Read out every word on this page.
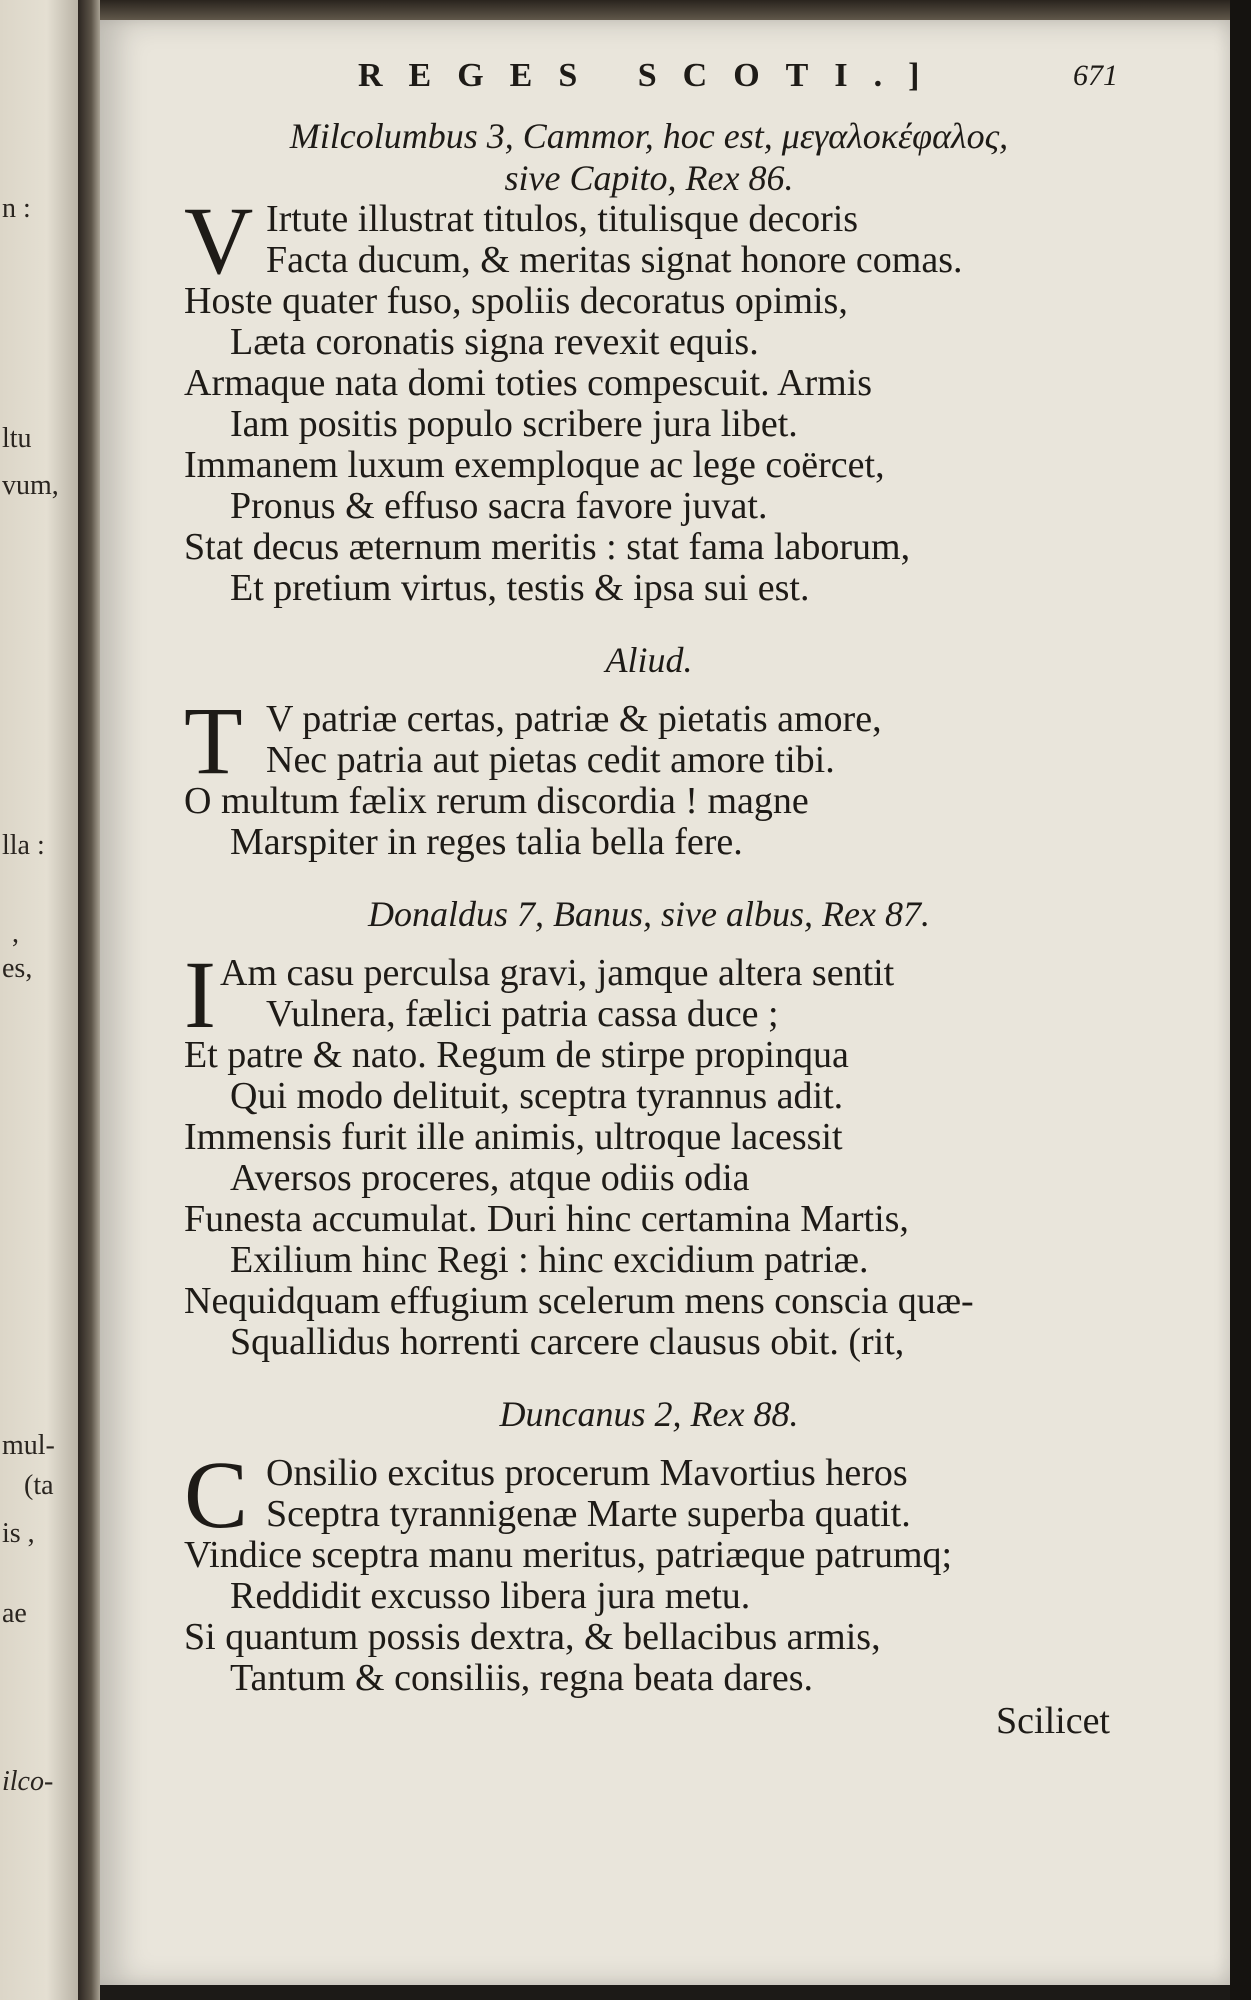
n :
ltu
vum,
lla :
,
es,
mul-
(ta
is ,
ae
ilco-
REGES SCOTI.]	671
Milcolumbus 3, Cammor, hoc est, μεγαλοκέφαλος,
sive Capito, Rex 86.
V Irtute illustrat titulos, titulisque decoris
Facta ducum, & meritas signat honore comas.
Hoste quater fuso, spoliis decoratus opimis,
Læta coronatis signa revexit equis.
Armaque nata domi toties compescuit. Armis
Iam positis populo scribere jura libet.
Immanem luxum exemploque ac lege coërcet,
Pronus & effuso sacra favore juvat.
Stat decus æternum meritis : stat fama laborum,
Et pretium virtus, testis & ipsa sui est.
Aliud.
T V patriæ certas, patriæ & pietatis amore,
Nec patria aut pietas cedit amore tibi.
O multum fælix rerum discordia ! magne
Marspiter in reges talia bella fere.
Donaldus 7, Banus, sive albus, Rex 87.
I Am casu perculsa gravi, jamque altera sentit
Vulnera, fælici patria cassa duce ;
Et patre & nato. Regum de stirpe propinqua
Qui modo delituit, sceptra tyrannus adit.
Immensis furit ille animis, ultroque lacessit
Aversos proceres, atque odiis odia
Funesta accumulat. Duri hinc certamina Martis,
Exilium hinc Regi : hinc excidium patriæ.
Nequidquam effugium scelerum mens conscia quæ-
Squallidus horrenti carcere clausus obit. (rit,
Duncanus 2, Rex 88.
C Onsilio excitus procerum Mavortius heros
Sceptra tyrannigenæ Marte superba quatit.
Vindice sceptra manu meritus, patriæque patrumq;
Reddidit excusso libera jura metu.
Si quantum possis dextra, & bellacibus armis,
Tantum & consiliis, regna beata dares.
Scilicet
